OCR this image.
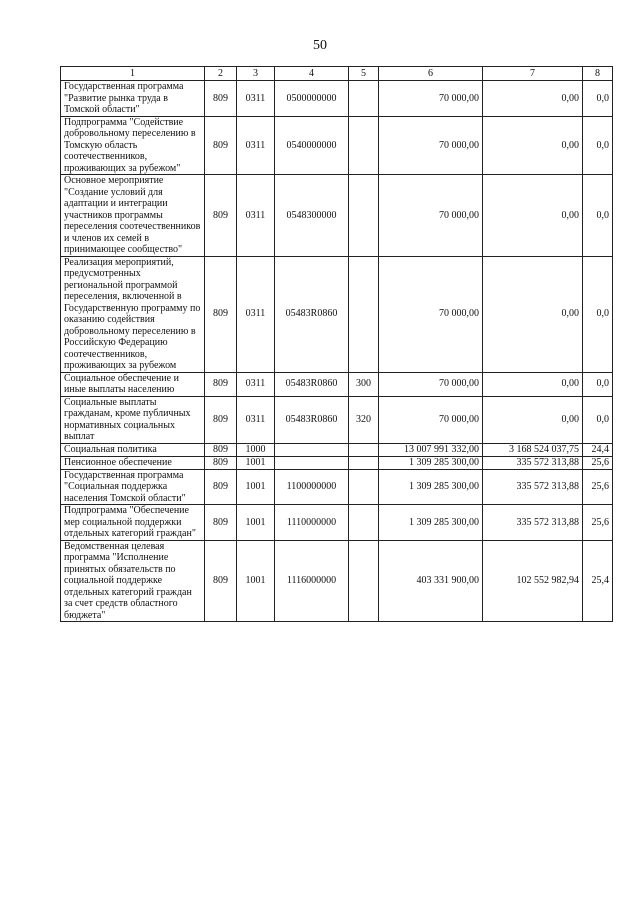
50
1	2	3	4	5	6	7	8
Государственная программа "Развитие рынка труда в Томской области"	809	0311	0500000000		70 000,00	0,00	0,0
Подпрограмма "Содействие добровольному переселению в Томскую область соотечественников, проживающих за рубежом"	809	0311	0540000000		70 000,00	0,00	0,0
Основное мероприятие "Создание условий для адаптации и интеграции участников программы переселения соотечественников и членов их семей в принимающее сообщество"	809	0311	0548300000		70 000,00	0,00	0,0
Реализация мероприятий, предусмотренных региональной программой переселения, включенной в Государственную программу по оказанию содействия добровольному переселению в Российскую Федерацию соотечественников, проживающих за рубежом	809	0311	05483R0860		70 000,00	0,00	0,0
Социальное обеспечение и иные выплаты населению	809	0311	05483R0860	300	70 000,00	0,00	0,0
Социальные выплаты гражданам, кроме публичных нормативных социальных выплат	809	0311	05483R0860	320	70 000,00	0,00	0,0
Социальная политика	809	1000			13 007 991 332,00	3 168 524 037,75	24,4
Пенсионное обеспечение	809	1001			1 309 285 300,00	335 572 313,88	25,6
Государственная программа "Социальная поддержка населения Томской области"	809	1001	1100000000		1 309 285 300,00	335 572 313,88	25,6
Подпрограмма "Обеспечение мер социальной поддержки отдельных категорий граждан"	809	1001	1110000000		1 309 285 300,00	335 572 313,88	25,6
Ведомственная целевая программа "Исполнение принятых обязательств по социальной поддержке отдельных категорий граждан за счет средств областного бюджета"	809	1001	1116000000		403 331 900,00	102 552 982,94	25,4
